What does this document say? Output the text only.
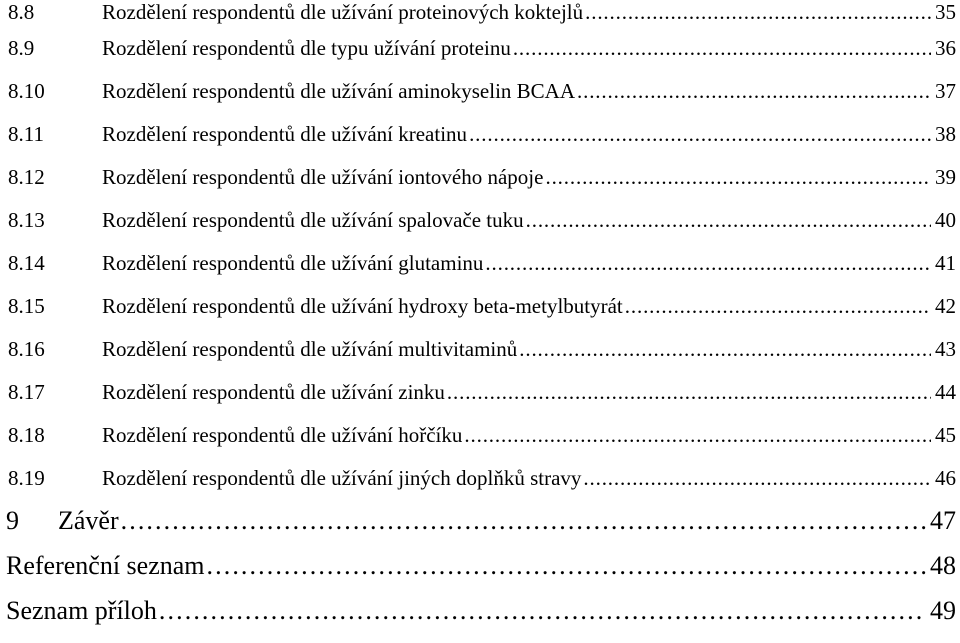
8.8	Rozdělení respondentů dle užívání proteinových koktejlů . . .	35
8.9	Rozdělení respondentů dle typu užívání proteinu . . .	36
8.10	Rozdělení respondentů dle užívání aminokyselin BCAA . . .	37
8.11	Rozdělení respondentů dle užívání kreatinu . . .	38
8.12	Rozdělení respondentů dle užívání iontového nápoje . . .	39
8.13	Rozdělení respondentů dle užívání spalovače tuku . . .	40
8.14	Rozdělení respondentů dle užívání glutaminu . . .	41
8.15	Rozdělení respondentů dle užívání hydroxy beta-metylbutyrát . . .	42
8.16	Rozdělení respondentů dle užívání multivitaminů . . .	43
8.17	Rozdělení respondentů dle užívání zinku . . .	44
8.18	Rozdělení respondentů dle užívání hořčíku . . .	45
8.19	Rozdělení respondentů dle užívání jiných doplňků stravy . . .	46
9	Závěr . . .	47
Referenční seznam . . .	48
Seznam příloh . . .	49
